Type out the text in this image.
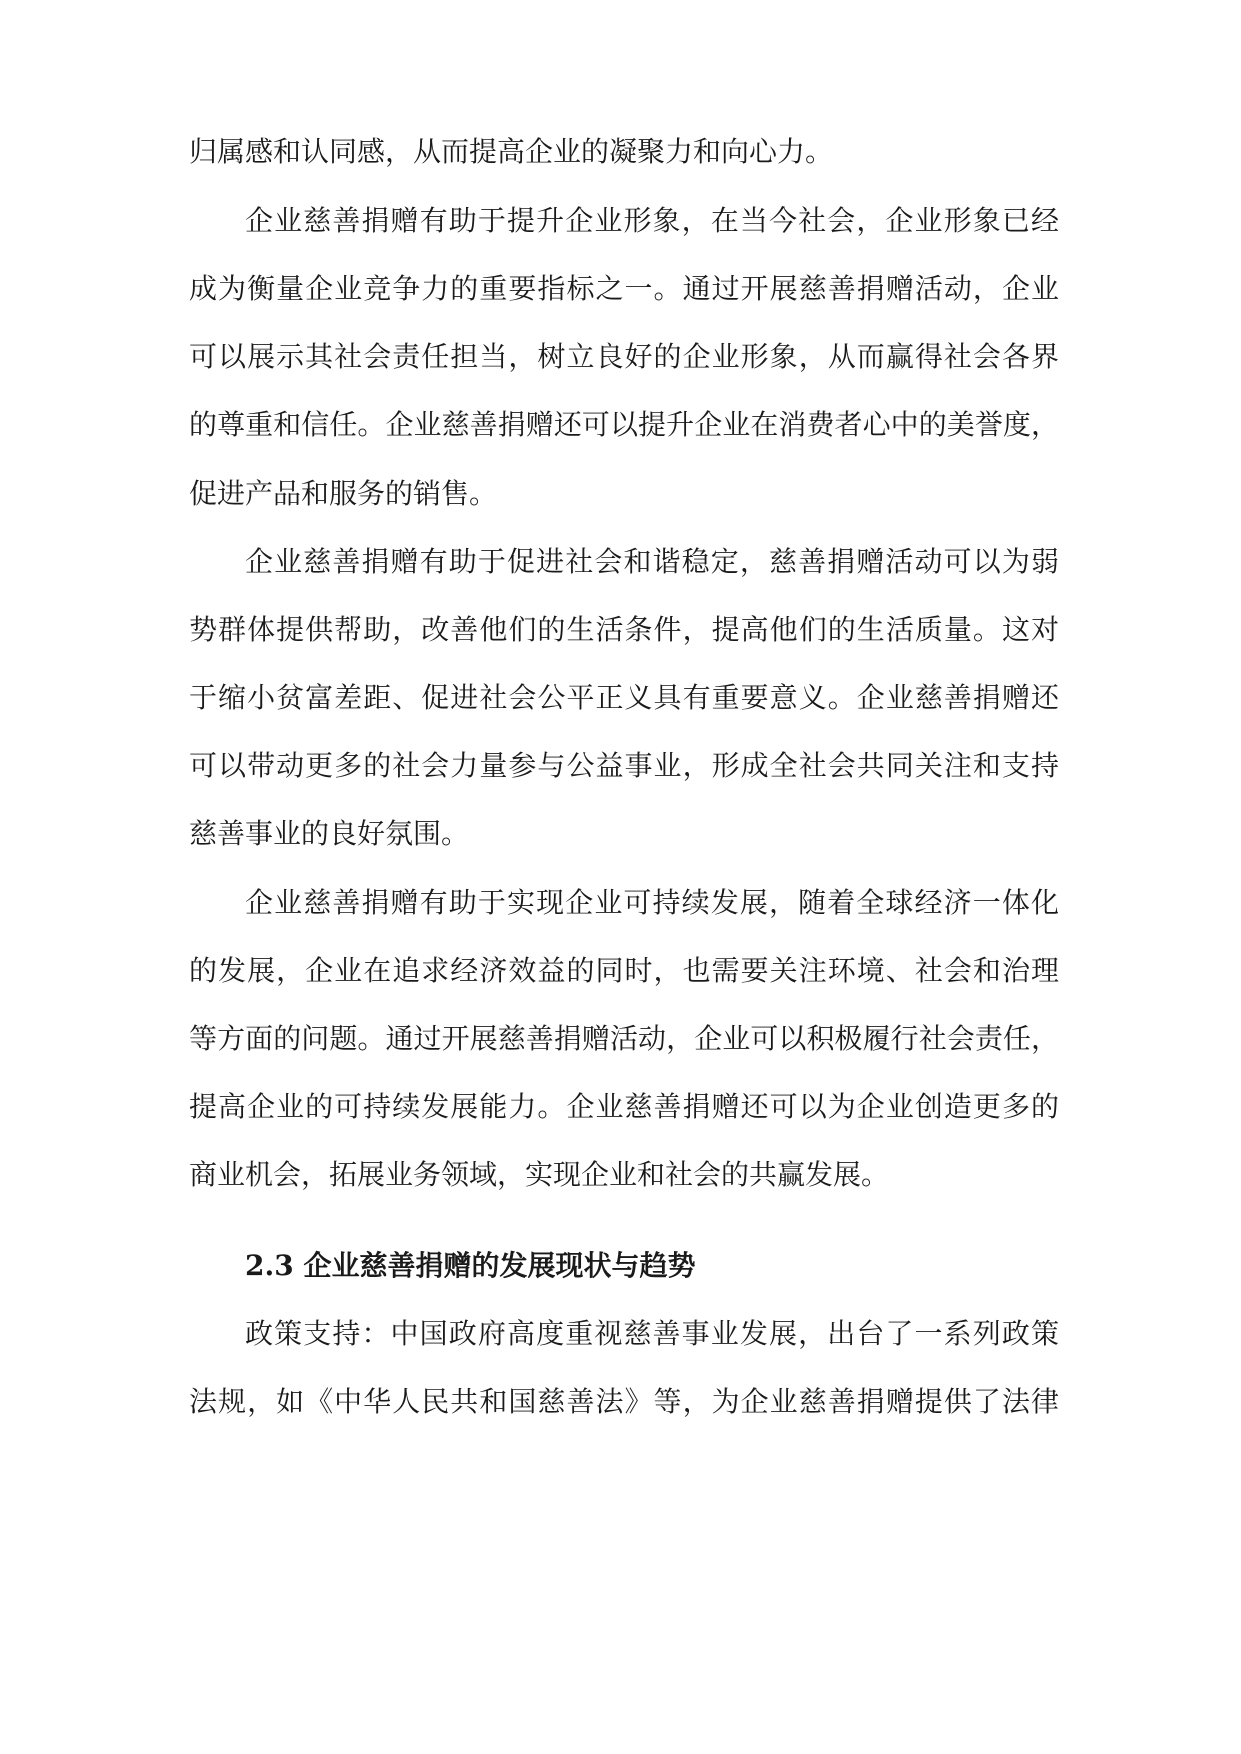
归属感和认同感，从而提高企业的凝聚力和向心力。
企业慈善捐赠有助于提升企业形象，在当今社会，企业形象已经
成为衡量企业竞争力的重要指标之一。通过开展慈善捐赠活动，企业
可以展示其社会责任担当，树立良好的企业形象，从而赢得社会各界
的尊重和信任。企业慈善捐赠还可以提升企业在消费者心中的美誉度，
促进产品和服务的销售。
企业慈善捐赠有助于促进社会和谐稳定，慈善捐赠活动可以为弱
势群体提供帮助，改善他们的生活条件，提高他们的生活质量。这对
于缩小贫富差距、促进社会公平正义具有重要意义。企业慈善捐赠还
可以带动更多的社会力量参与公益事业，形成全社会共同关注和支持
慈善事业的良好氛围。
企业慈善捐赠有助于实现企业可持续发展，随着全球经济一体化
的发展，企业在追求经济效益的同时，也需要关注环境、社会和治理
等方面的问题。通过开展慈善捐赠活动，企业可以积极履行社会责任，
提高企业的可持续发展能力。企业慈善捐赠还可以为企业创造更多的
商业机会，拓展业务领域，实现企业和社会的共赢发展。
2.3 企业慈善捐赠的发展现状与趋势
政策支持：中国政府高度重视慈善事业发展，出台了一系列政策
法规，如《中华人民共和国慈善法》等，为企业慈善捐赠提供了法律
